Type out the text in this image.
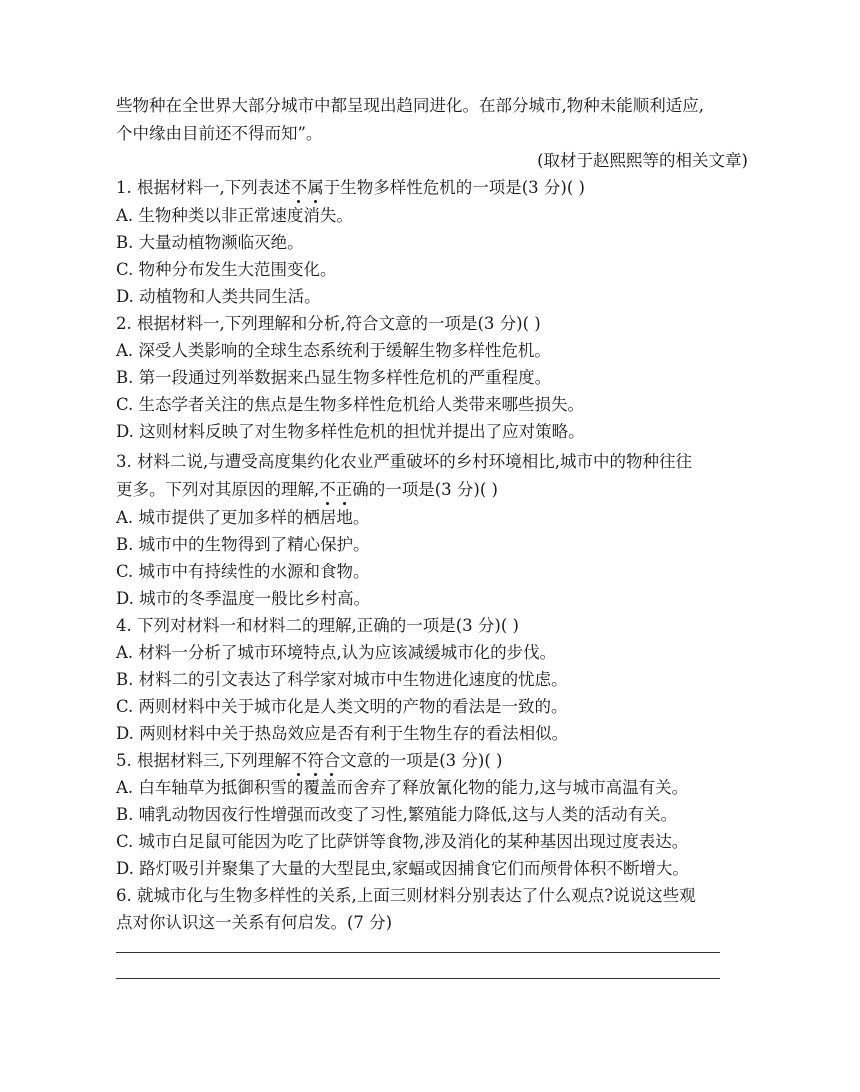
些物种在全世界大部分城市中都呈现出趋同进化。在部分城市,物种未能顺利适应,
个中缘由目前还不得而知”。
(取材于赵熙熙等的相关文章)
1. 根据材料一,下列表述不属于生物多样性危机的一项是(3 分)( )
A. 生物种类以非正常速度消失。
B. 大量动植物濒临灭绝。
C. 物种分布发生大范围变化。
D. 动植物和人类共同生活。
2. 根据材料一,下列理解和分析,符合文意的一项是(3 分)( )
A. 深受人类影响的全球生态系统利于缓解生物多样性危机。
B. 第一段通过列举数据来凸显生物多样性危机的严重程度。
C. 生态学者关注的焦点是生物多样性危机给人类带来哪些损失。
D. 这则材料反映了对生物多样性危机的担忧并提出了应对策略。
3. 材料二说,与遭受高度集约化农业严重破坏的乡村环境相比,城市中的物种往往
更多。下列对其原因的理解,不正确的一项是(3 分)( )
A. 城市提供了更加多样的栖居地。
B. 城市中的生物得到了精心保护。
C. 城市中有持续性的水源和食物。
D. 城市的冬季温度一般比乡村高。
4. 下列对材料一和材料二的理解,正确的一项是(3 分)( )
A. 材料一分析了城市环境特点,认为应该减缓城市化的步伐。
B. 材料二的引文表达了科学家对城市中生物进化速度的忧虑。
C. 两则材料中关于城市化是人类文明的产物的看法是一致的。
D. 两则材料中关于热岛效应是否有利于生物生存的看法相似。
5. 根据材料三,下列理解不符合文意的一项是(3 分)( )
A. 白车轴草为抵御积雪的覆盖而舍弃了释放氰化物的能力,这与城市高温有关。
B. 哺乳动物因夜行性增强而改变了习性,繁殖能力降低,这与人类的活动有关。
C. 城市白足鼠可能因为吃了比萨饼等食物,涉及消化的某种基因出现过度表达。
D. 路灯吸引并聚集了大量的大型昆虫,家蝠或因捕食它们而颅骨体积不断增大。
6. 就城市化与生物多样性的关系,上面三则材料分别表达了什么观点?说说这些观
点对你认识这一关系有何启发。(7 分)
